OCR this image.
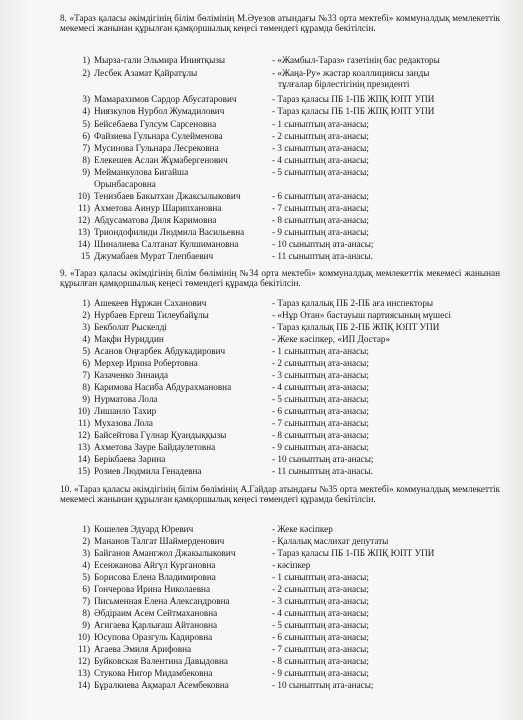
8. «Тараз қаласы әкімдігінің білім бөлімінің М.Әуезов атындағы №33 орта мектебі» коммуналдық мемлекеттік мекемесі жанынан құрылған қамқоршылық кеңесі төмендегі құрамда бекітілсін.
1) Мырза-гали Эльмира Иниятқызы	- «Жамбыл-Тараз» газетінің бас редакторы
2) Лесбек Азамат Қайратұлы	- «Жаңа-Ру» жастар коаллициясы занды
тұлғалар бірлестігінің президенті
3) Мамарахимов Сардор Абусатарович	- Тараз қаласы ПБ 1-ПБ ЖПҚ ЮПТ УПИ
4) Ниязкулов Нурбол Жумадилович	- Тараз қаласы ПБ 1-ПБ ЖПҚ ЮПТ УПИ
5) Бейсебаева Гулсум Сарсеновна	- 1 сыныптың ата-анасы;
6) Файзиева Гульнара Сулейменова	- 2 сыныптың ата-анасы;
7) Мусинова Гульнара Лесрековна	- 3 сыныптың ата-анасы;
8) Елекешев Аслан Жұмабергенович	- 4 сыныптың ата-анасы;
9) Мейманкулова Бигайша	- 5 сыныптың ата-анасы;
Орынбасаровна
10) Тенизбаев Бакытхан Джаксылыкович	- 6 сыныптың ата-анасы;
11) Ахметова Аинур Шарипхановна	- 7 сыныптың ата-анасы;
12) Абдусаматова Диля Каримовна	- 8 сыныптың ата-анасы;
13) Триондофилиди Людмила Васильевна	- 9 сыныптың ата-анасы;
14) Шиналиева Салтанат Кулшимановна	- 10 сыныптың ата-анасы;
15 Джумабаев Мурат Тлепбаевич	- 11 сыныптың ата-анасы.
9. «Тараз қаласы әкімдігінің білім бөлімінің №34 орта мектебі» коммуналдық мемлекеттік мекемесі жанынан құрылған қамқоршылық кеңесі төмендегі құрамда бекітілсін.
1) Ашекеев Нұржан Саханович	- Тараз қалалық ПБ 2-ПБ аға инспекторы
2) Нурбаев Ергеш Тилеубайұлы	- «Нұр Отан» бастауыш партиясының мүшесі
3) Бекболат Рыскелді	- Тараз қалалық ПБ 2-ПБ ЖПҚ ЮПТ УПИ
4) Мақфи Нуриддин	- Жеке кәсіпкер, «ИП Достар»
5) Асанов Оңғарбек Абдукадирович	- 1 сыныптың ата-анасы;
6) Мерхер Ирина Робертовна	- 2 сыныптың ата-анасы;
7) Казаченко Зинаида	- 3 сыныптың ата-анасы;
8) Каримова Насиба Абдурахмановна	- 4 сыныптың ата-анасы;
9) Нурматова Лола	- 5 сыныптың ата-анасы;
10) Лишанло Тахир	- 6 сыныптың ата-анасы;
11) Мухазова Лола	- 7 сыныптың ата-анасы;
12) Байсейтова Гүлнар Қуандыққызы	- 8 сыныптың ата-анасы;
13) Ахметова Зауре Байдаулетовна	- 9 сыныптың ата-анасы;
14) Берікбаева Зарина	- 10 сыныптың ата-анасы;
15) Розиев Людмила Генадевна	- 11 сыныптың ата-анасы.
10. «Тараз қаласы әкімдігінің білім бөлімінің А.Гайдар атындағы №35 орта мектебі» коммуналдық мемлекеттік мекемесі жанынан құрылған қамқоршылық кеңесі төмендегі құрамда бекітілсін.
1) Кошелев Эдуард Юревич	- Жеке кәсіпкер
2) Мананов Талгат Шаймерденович	- Қалалық маслихат депутаты
3) Байганов Амангжол Джакылыкович	- Тараз қаласы ПБ 1-ПБ ЖПҚ ЮПТ УПИ
4) Есенжанова Айгүл Кургановна	- кәсіпкер
5) Борисова Елена Владимировна	- 1 сыныптың ата-анасы;
6) Гончерова Ирина Николаевна	- 2 сыныптың ата-анасы;
7) Письменная Елена Александровна	- 3 сыныптың ата-анасы;
8) Әбдіраим Асем Сейтмахановна	- 4 сыныптың ата-анасы;
9) Агигаева Қарлығаш Айтановна	- 5 сыныптың ата-анасы;
10) Юсупова Оразгуль Кадировна	- 6 сыныптың ата-анасы;
11) Агаева Эмиля Арифовна	- 7 сыныптың ата-анасы;
12) Буйковская Валентина Давыдовна	- 8 сыныптың ата-анасы;
13) Стукова Нигор Мидамбековна	- 9 сыныптың ата-анасы;
14) Бұралкиева Ақмарал Асембековна	- 10 сыныптың ата-анасы;
